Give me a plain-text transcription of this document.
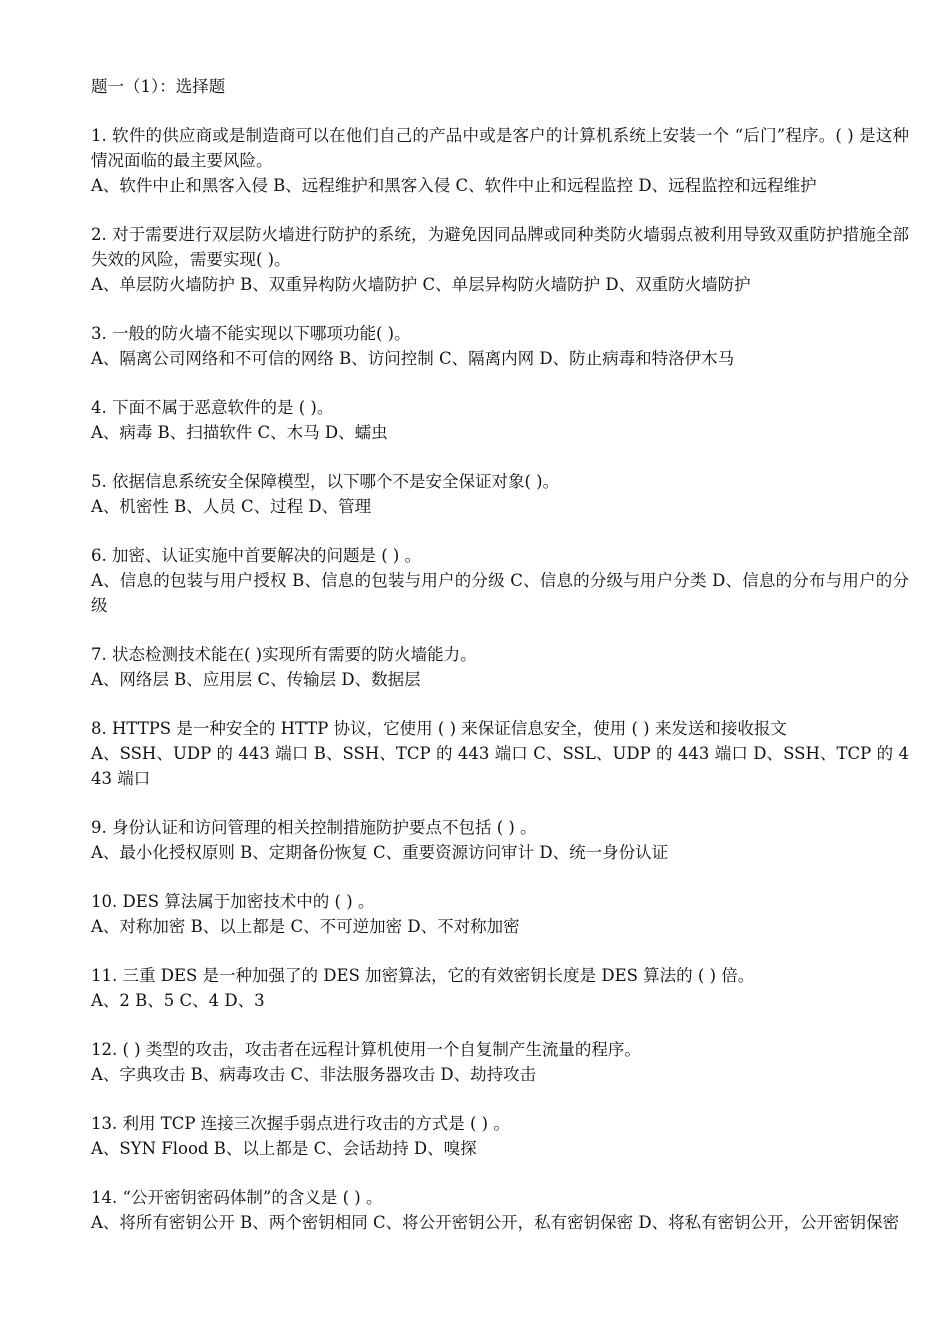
题一（1）：选择题
1. 软件的供应商或是制造商可以在他们自己的产品中或是客户的计算机系统上安装一个 “后门”程序。( ) 是这种情况面临的最主要风险。
A、软件中止和黑客入侵 B、远程维护和黑客入侵 C、软件中止和远程监控 D、远程监控和远程维护
2. 对于需要进行双层防火墙进行防护的系统，为避免因同品牌或同种类防火墙弱点被利用导致双重防护措施全部失效的风险，需要实现( )。
A、单层防火墙防护 B、双重异构防火墙防护 C、单层异构防火墙防护 D、双重防火墙防护
3. 一般的防火墙不能实现以下哪项功能( )。
A、隔离公司网络和不可信的网络 B、访问控制 C、隔离内网 D、防止病毒和特洛伊木马
4. 下面不属于恶意软件的是 ( )。
A、病毒 B、扫描软件 C、木马 D、蠕虫
5. 依据信息系统安全保障模型，以下哪个不是安全保证对象( )。
A、机密性 B、人员 C、过程 D、管理
6. 加密、认证实施中首要解决的问题是 ( ) 。
A、信息的包装与用户授权 B、信息的包装与用户的分级 C、信息的分级与用户分类 D、信息的分布与用户的分级
7. 状态检测技术能在( )实现所有需要的防火墙能力。
A、网络层 B、应用层 C、传输层 D、数据层
8. HTTPS 是一种安全的 HTTP 协议，它使用 ( ) 来保证信息安全，使用 ( ) 来发送和接收报文
A、SSH、UDP 的 443 端口 B、SSH、TCP 的 443 端口 C、SSL、UDP 的 443 端口 D、SSH、TCP 的 443 端口
9. 身份认证和访问管理的相关控制措施防护要点不包括 ( ) 。
A、最小化授权原则 B、定期备份恢复 C、重要资源访问审计 D、统一身份认证
10. DES 算法属于加密技术中的 ( ) 。
A、对称加密 B、以上都是 C、不可逆加密 D、不对称加密
11. 三重 DES 是一种加强了的 DES 加密算法，它的有效密钥长度是 DES 算法的 ( ) 倍。
A、2 B、5 C、4 D、3
12. ( ) 类型的攻击，攻击者在远程计算机使用一个自复制产生流量的程序。
A、字典攻击 B、病毒攻击 C、非法服务器攻击 D、劫持攻击
13. 利用 TCP 连接三次握手弱点进行攻击的方式是 ( ) 。
A、SYN Flood B、以上都是 C、会话劫持 D、嗅探
14. “公开密钥密码体制”的含义是 ( ) 。
A、将所有密钥公开 B、两个密钥相同 C、将公开密钥公开，私有密钥保密 D、将私有密钥公开，公开密钥保密
